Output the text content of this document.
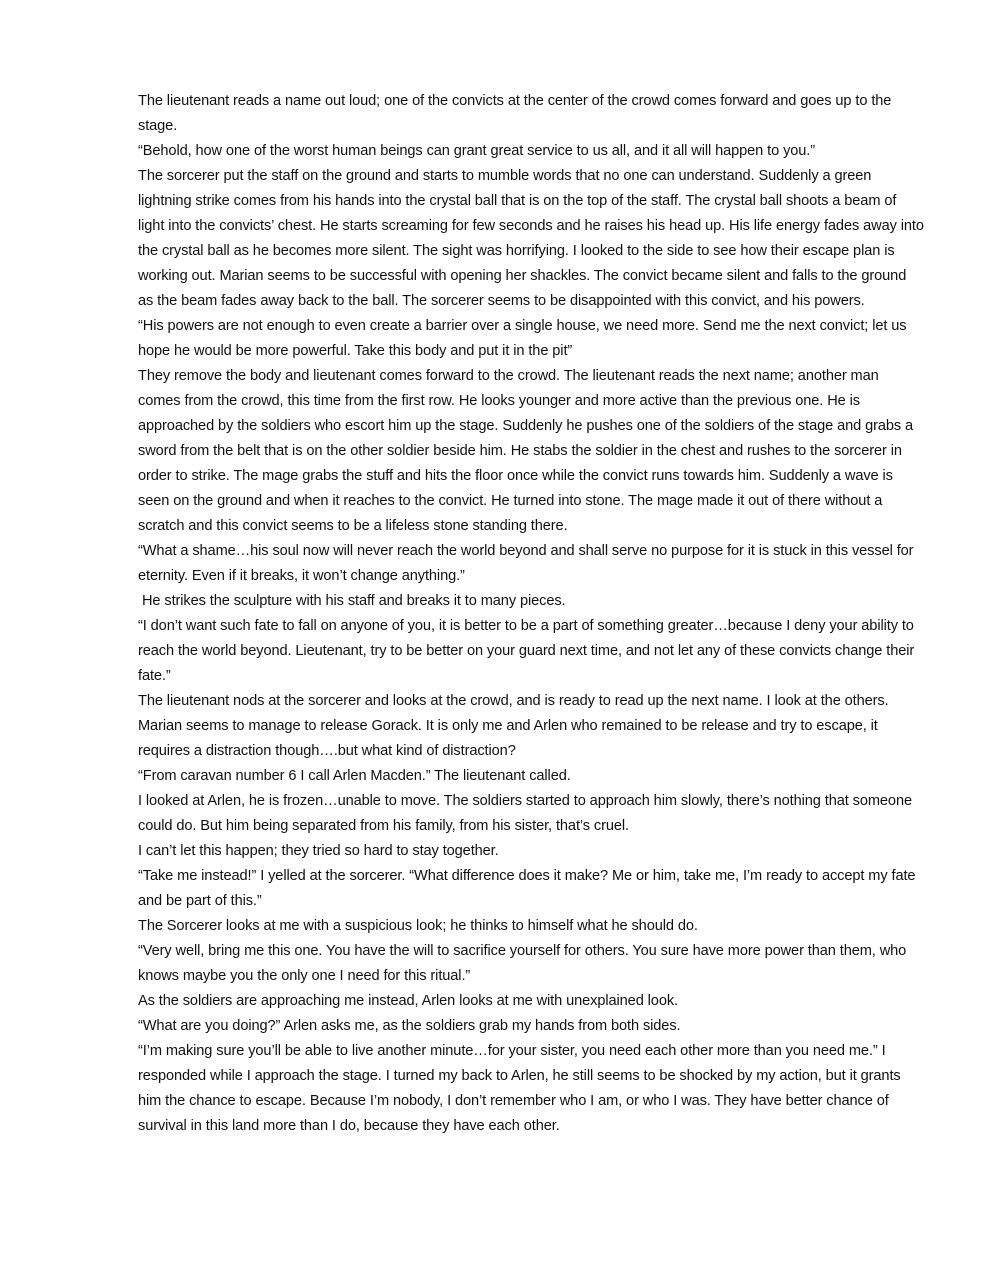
The lieutenant reads a name out loud; one of the convicts at the center of the crowd comes forward and goes up to the stage.

“Behold, how one of the worst human beings can grant great service to us all, and it all will happen to you.”

The sorcerer put the staff on the ground and starts to mumble words that no one can understand. Suddenly a green lightning strike comes from his hands into the crystal ball that is on the top of the staff. The crystal ball shoots a beam of light into the convicts’ chest. He starts screaming for few seconds and he raises his head up. His life energy fades away into the crystal ball as he becomes more silent. The sight was horrifying. I looked to the side to see how their escape plan is working out. Marian seems to be successful with opening her shackles. The convict became silent and falls to the ground as the beam fades away back to the ball. The sorcerer seems to be disappointed with this convict, and his powers.

“His powers are not enough to even create a barrier over a single house, we need more. Send me the next convict; let us hope he would be more powerful. Take this body and put it in the pit”

They remove the body and lieutenant comes forward to the crowd. The lieutenant reads the next name; another man comes from the crowd, this time from the first row. He looks younger and more active than the previous one. He is approached by the soldiers who escort him up the stage. Suddenly he pushes one of the soldiers of the stage and grabs a sword from the belt that is on the other soldier beside him. He stabs the soldier in the chest and rushes to the sorcerer in order to strike. The mage grabs the stuff and hits the floor once while the convict runs towards him. Suddenly a wave is seen on the ground and when it reaches to the convict. He turned into stone. The mage made it out of there without a scratch and this convict seems to be a lifeless stone standing there.

“What a shame…his soul now will never reach the world beyond and shall serve no purpose for it is stuck in this vessel for eternity. Even if it breaks, it won’t change anything.”

He strikes the sculpture with his staff and breaks it to many pieces.

“I don’t want such fate to fall on anyone of you, it is better to be a part of something greater…because I deny your ability to reach the world beyond. Lieutenant, try to be better on your guard next time, and not let any of these convicts change their fate.”

The lieutenant nods at the sorcerer and looks at the crowd, and is ready to read up the next name. I look at the others. Marian seems to manage to release Gorack. It is only me and Arlen who remained to be release and try to escape, it requires a distraction though….but what kind of distraction?

“From caravan number 6 I call Arlen Macden.” The lieutenant called.

I looked at Arlen, he is frozen…unable to move. The soldiers started to approach him slowly, there’s nothing that someone could do. But him being separated from his family, from his sister, that’s cruel.

I can’t let this happen; they tried so hard to stay together.

“Take me instead!” I yelled at the sorcerer. “What difference does it make? Me or him, take me, I’m ready to accept my fate and be part of this.”

The Sorcerer looks at me with a suspicious look; he thinks to himself what he should do.

“Very well, bring me this one. You have the will to sacrifice yourself for others. You sure have more power than them, who knows maybe you the only one I need for this ritual.”

As the soldiers are approaching me instead, Arlen looks at me with unexplained look.

“What are you doing?” Arlen asks me, as the soldiers grab my hands from both sides.

“I’m making sure you’ll be able to live another minute…for your sister, you need each other more than you need me.” I responded while I approach the stage. I turned my back to Arlen, he still seems to be shocked by my action, but it grants him the chance to escape. Because I’m nobody, I don’t remember who I am, or who I was. They have better chance of survival in this land more than I do, because they have each other.
